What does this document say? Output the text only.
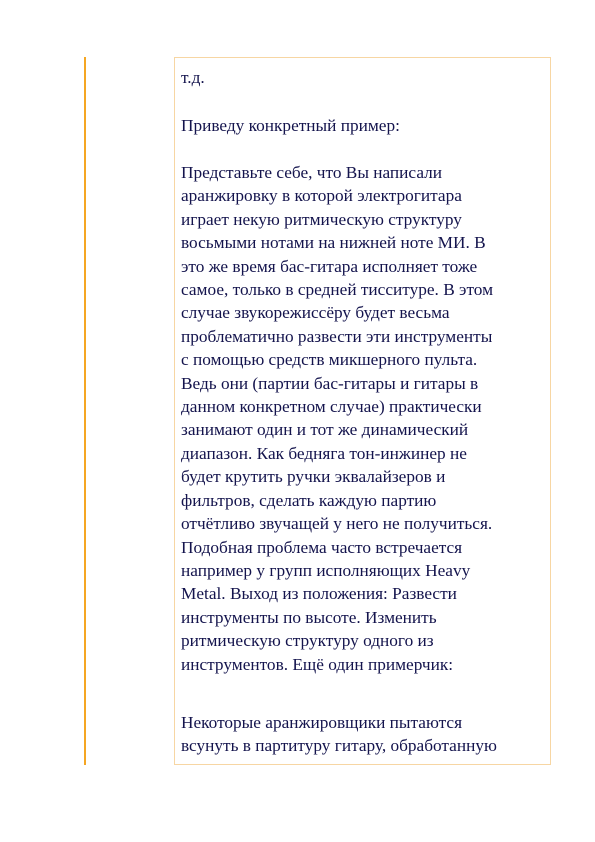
т.д.
Приведу конкретный пример:
Представьте себе, что Вы написали
аранжировку в которой электрогитара
играет некую ритмическую структуру
восьмыми нотами на нижней ноте МИ. В
это же время бас-гитара исполняет тоже
самое, только в средней тисситуре. В этом
случае звукорежиссёру будет весьма
проблематично развести эти инструменты
с помощью средств микшерного пульта.
Ведь они (партии бас-гитары и гитары в
данном конкретном случае) практически
занимают один и тот же динамический
диапазон. Как бедняга тон-инжинер не
будет крутить ручки эквалайзеров и
фильтров, сделать каждую партию
отчётливо звучащей у него не получиться.
Подобная проблема часто встречается
например у групп исполняющих Heavy
Metal. Выход из положения: Развести
инструменты по высоте. Изменить
ритмическую структуру одного из
инструментов. Ещё один примерчик:
Некоторые аранжировщики пытаются
всунуть в партитуру гитару, обработанную
